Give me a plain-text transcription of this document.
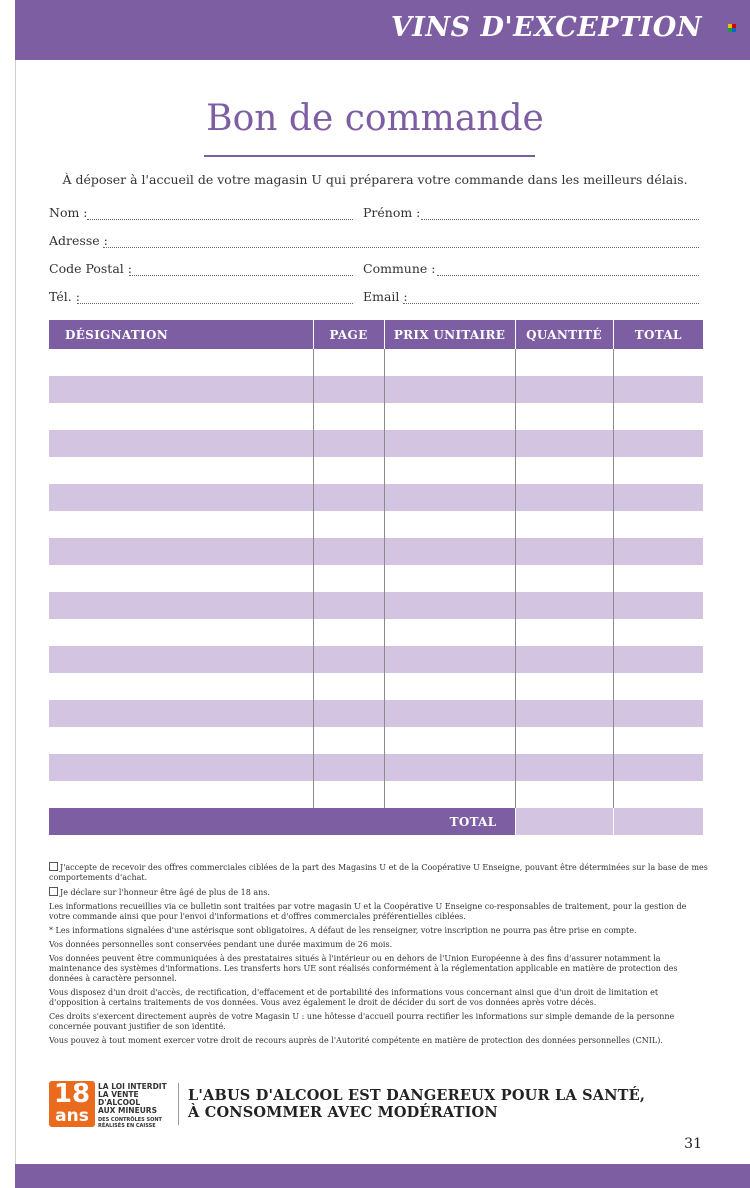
VINS D'EXCEPTION
Bon de commande
À déposer à l'accueil de votre magasin U qui préparera votre commande dans les meilleurs délais.
Nom :	Prénom :
Adresse :
Code Postal :	Commune :
Tél. :	Email :
DÉSIGNATION	PAGE	PRIX UNITAIRE	QUANTITÉ	TOTAL

TOTAL				

J'accepte de recevoir des offres commerciales ciblées de la part des Magasins U et de la Coopérative U Enseigne, pouvant être déterminées sur la base de mes comportements d'achat.

Je déclare sur l'honneur être âgé de plus de 18 ans.

Les informations recueillies via ce bulletin sont traitées par votre magasin U et la Coopérative U Enseigne co-responsables de traitement, pour la gestion de votre commande ainsi que pour l'envoi d'informations et d'offres commerciales préférentielles ciblées.

* Les informations signalées d'une astérisque sont obligatoires. A défaut de les renseigner, votre inscription ne pourra pas être prise en compte.

Vos données personnelles sont conservées pendant une durée maximum de 26 mois.

Vos données peuvent être communiquées à des prestataires situés à l'intérieur ou en dehors de l'Union Européenne à des fins d'assurer notamment la maintenance des systèmes d'informations. Les transferts hors UE sont réalisés conformément à la réglementation applicable en matière de protection des données à caractère personnel.

Vous disposez d'un droit d'accès, de rectification, d'effacement et de portabilité des informations vous concernant ainsi que d'un droit de limitation et d'opposition à certains traitements de vos données. Vous avez également le droit de décider du sort de vos données après votre décès.

Ces droits s'exercent directement auprès de votre Magasin U : une hôtesse d'accueil pourra rectifier les informations sur simple demande de la personne concernée pouvant justifier de son identité.

Vous pouvez à tout moment exercer votre droit de recours auprès de l'Autorité compétente en matière de protection des données personnelles (CNIL).

18
ans
LA LOI INTERDIT
LA VENTE D'ALCOOL
AUX MINEURS
DES CONTRÔLES SONT RÉALISÉS EN CAISSE
L'ABUS D'ALCOOL EST DANGEREUX POUR LA SANTÉ,
À CONSOMMER AVEC MODÉRATION
31
